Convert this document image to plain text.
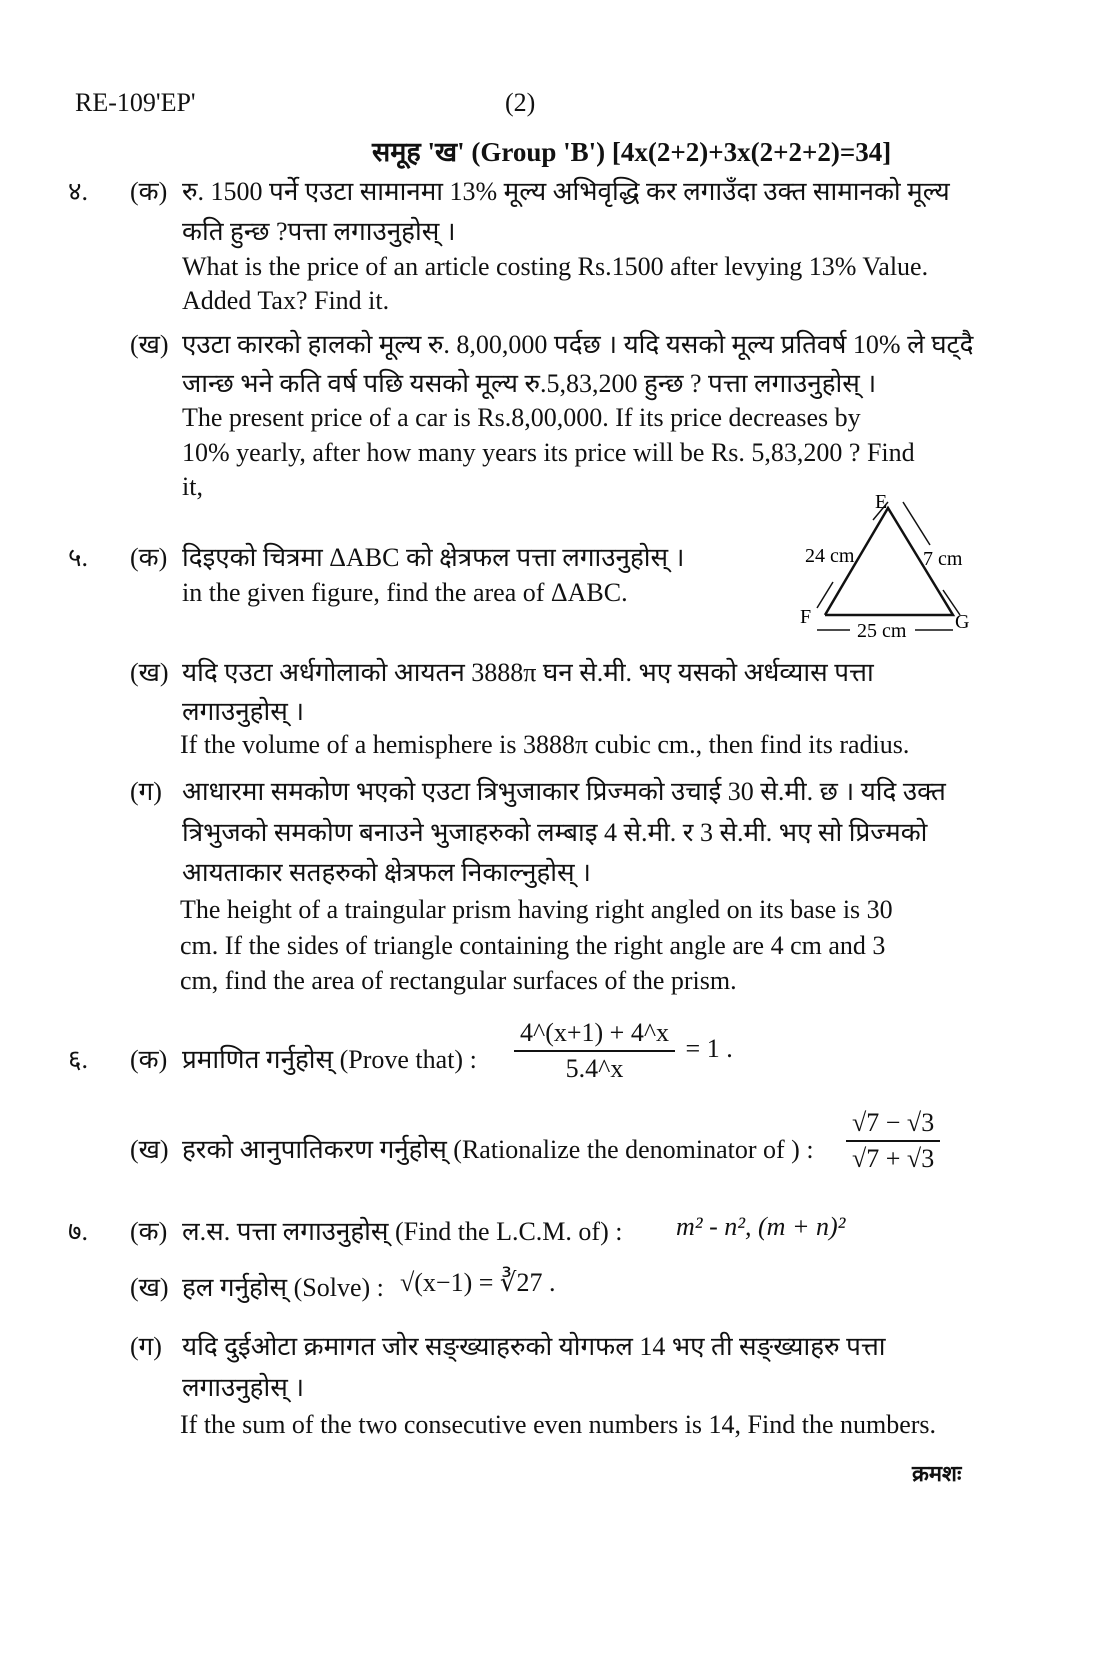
RE-109'EP'	(2)
समूह 'ख' (Group 'B') [4x(2+2)+3x(2+2+2)=34]
४. (क) रु. 1500 पर्ने एउटा सामानमा 13% मूल्य अभिवृद्धि कर लगाउँदा उक्त सामानको मूल्य
कति हुन्छ ?पत्ता लगाउनुहोस् ।
What is the price of an article costing Rs.1500 after levying 13% Value.
Added Tax? Find it.
(ख) एउटा कारको हालको मूल्य रु. 8,00,000 पर्दछ । यदि यसको मूल्य प्रतिवर्ष 10% ले घट्दै
जान्छ भने कति वर्ष पछि यसको मूल्य रु.5,83,200 हुन्छ ? पत्ता लगाउनुहोस् ।
The present price of a car is Rs.8,00,000. If its price decreases by
10% yearly, after how many years its price will be Rs. 5,83,200 ? Find
it,
५. (क) दिइएको चित्रमा ΔABC को क्षेत्रफल पत्ता लगाउनुहोस् ।
in the given figure, find the area of ΔABC.
E
F	G
24 cm	7 cm
25 cm
(ख) यदि एउटा अर्धगोलाको आयतन 3888π घन से.मी. भए यसको अर्धव्यास पत्ता
लगाउनुहोस् ।
If the volume of a hemisphere is 3888π cubic cm., then find its radius.
(ग) आधारमा समकोण भएको एउटा त्रिभुजाकार प्रिज्मको उचाई 30 से.मी. छ । यदि उक्त
त्रिभुजको समकोण बनाउने भुजाहरुको लम्बाइ 4 से.मी. र 3 से.मी. भए सो प्रिज्मको
आयताकार सतहरुको क्षेत्रफल निकाल्नुहोस् ।
The height of a traingular prism having right angled on its base is 30
cm. If the sides of triangle containing the right angle are 4 cm and 3
cm, find the area of rectangular surfaces of the prism.
६. (क) प्रमाणित गर्नुहोस् (Prove that) : $\frac{4\^{}(x+1) + 4\^{}x}{5.4\^{}x} = 1$ .
(ख) हरको आनुपातिकरण गर्नुहोस् (Rationalize the denominator of ) : $\frac{√7 - √3}{√7 + √3}$
७. (क) ल.स. पत्ता लगाउनुहोस् (Find the L.C.M. of) : m² - n², (m + n)²
(ख) हल गर्नुहोस् (Solve) : √(x−1) = ∛27 .
(ग) यदि दुईओटा क्रमागत जोर सङ्ख्याहरुको योगफल 14 भए ती सङ्ख्याहरु पत्ता
लगाउनुहोस् ।
If the sum of the two consecutive even numbers is 14, Find the numbers.
क्रमशः
